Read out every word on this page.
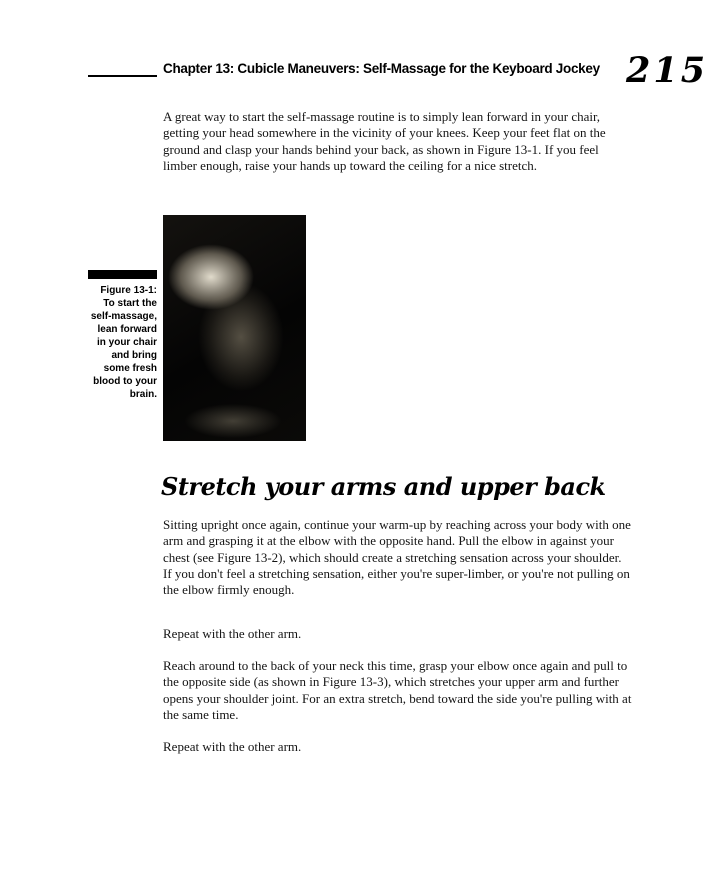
Chapter 13: Cubicle Maneuvers: Self-Massage for the Keyboard Jockey 215

A great way to start the self-massage routine is to simply lean forward in your chair, getting your head somewhere in the vicinity of your knees. Keep your feet flat on the ground and clasp your hands behind your back, as shown in Figure 13-1. If you feel limber enough, raise your hands up toward the ceiling for a nice stretch.

Figure 13-1:
To start the self-massage, lean forward in your chair and bring some fresh blood to your brain.
Stretch your arms and upper back

Sitting upright once again, continue your warm-up by reaching across your body with one arm and grasping it at the elbow with the opposite hand. Pull the elbow in against your chest (see Figure 13-2), which should create a stretching sensation across your shoulder. If you don't feel a stretching sensation, either you're super-limber, or you're not pulling on the elbow firmly enough.

Repeat with the other arm.

Reach around to the back of your neck this time, grasp your elbow once again and pull to the opposite side (as shown in Figure 13-3), which stretches your upper arm and further opens your shoulder joint. For an extra stretch, bend toward the side you're pulling with at the same time.

Repeat with the other arm.
